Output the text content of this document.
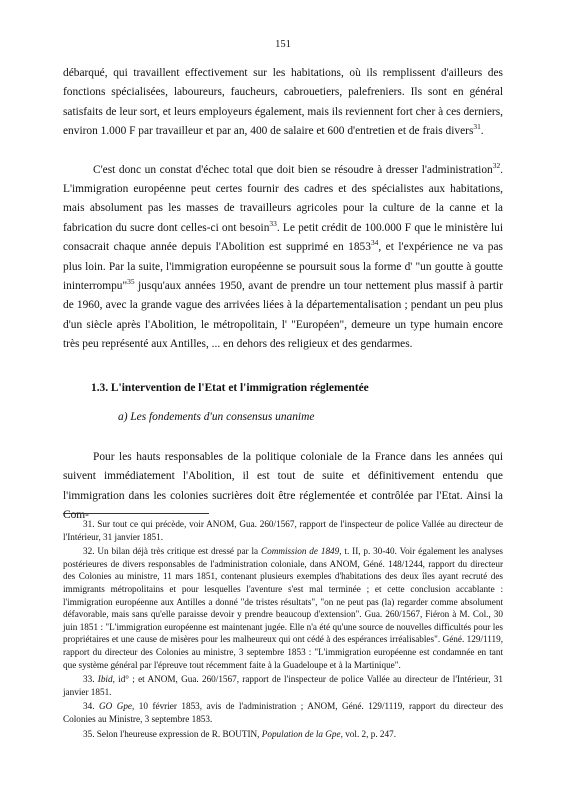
151

débarqué, qui travaillent effectivement sur les habitations, où ils remplissent d'ailleurs des fonctions spécialisées, laboureurs, faucheurs, cabrouetiers, palefreniers. Ils sont en général satisfaits de leur sort, et leurs employeurs également, mais ils reviennent fort cher à ces derniers, environ 1.000 F par travailleur et par an, 400 de salaire et 600 d'entretien et de frais divers$^{31}$.

C'est donc un constat d'échec total que doit bien se résoudre à dresser l'administration$^{32}$. L'immigration européenne peut certes fournir des cadres et des spécialistes aux habitations, mais absolument pas les masses de travailleurs agricoles pour la culture de la canne et la fabrication du sucre dont celles-ci ont besoin$^{33}$. Le petit crédit de 100.000 F que le ministère lui consacrait chaque année depuis l'Abolition est supprimé en 1853$^{34}$, et l'expérience ne va pas plus loin. Par la suite, l'immigration européenne se poursuit sous la forme d' "un goutte à goutte ininterrompu"$^{35}$ jusqu'aux années 1950, avant de prendre un tour nettement plus massif à partir de 1960, avec la grande vague des arrivées liées à la départementalisation ; pendant un peu plus d'un siècle après l'Abolition, le métropolitain, l' "Européen", demeure un type humain encore très peu représenté aux Antilles, ... en dehors des religieux et des gendarmes.

1.3. L'intervention de l'Etat et l'immigration réglementée
a) Les fondements d'un consensus unanime

Pour les hauts responsables de la politique coloniale de la France dans les années qui suivent immédiatement l'Abolition, il est tout de suite et définitivement entendu que l'immigration dans les colonies sucrières doit être réglementée et contrôlée par l'Etat. Ainsi la Com-

31. Sur tout ce qui précède, voir ANOM, Gua. 260/1567, rapport de l'inspecteur de police Vallée au directeur de l'Intérieur, 31 janvier 1851.

32. Un bilan déjà très critique est dressé par la Commission de 1849, t. II, p. 30-40. Voir également les analyses postérieures de divers responsables de l'administration coloniale, dans ANOM, Géné. 148/1244, rapport du directeur des Colonies au ministre, 11 mars 1851, contenant plusieurs exemples d'habitations des deux îles ayant recruté des immigrants métropolitains et pour lesquelles l'aventure s'est mal terminée ; et cette conclusion accablante : l'immigration européenne aux Antilles a donné "de tristes résultats", "on ne peut pas (la) regarder comme absolument défavorable, mais sans qu'elle paraisse devoir y prendre beaucoup d'extension". Gua. 260/1567, Fiéron à M. Col., 30 juin 1851 : "L'immigration européenne est maintenant jugée. Elle n'a été qu'une source de nouvelles difficultés pour les propriétaires et une cause de misères pour les malheureux qui ont cédé à des espérances irréalisables". Géné. 129/1119, rapport du directeur des Colonies au ministre, 3 septembre 1853 : "L'immigration européenne est condamnée en tant que système général par l'épreuve tout récemment faite à la Guadeloupe et à la Martinique".

33. Ibid, id° ; et ANOM, Gua. 260/1567, rapport de l'inspecteur de police Vallée au directeur de l'Intérieur, 31 janvier 1851.

34. GO Gpe, 10 février 1853, avis de l'administration ; ANOM, Géné. 129/1119, rapport du directeur des Colonies au Ministre, 3 septembre 1853.

35. Selon l'heureuse expression de R. BOUTIN, Population de la Gpe, vol. 2, p. 247.
